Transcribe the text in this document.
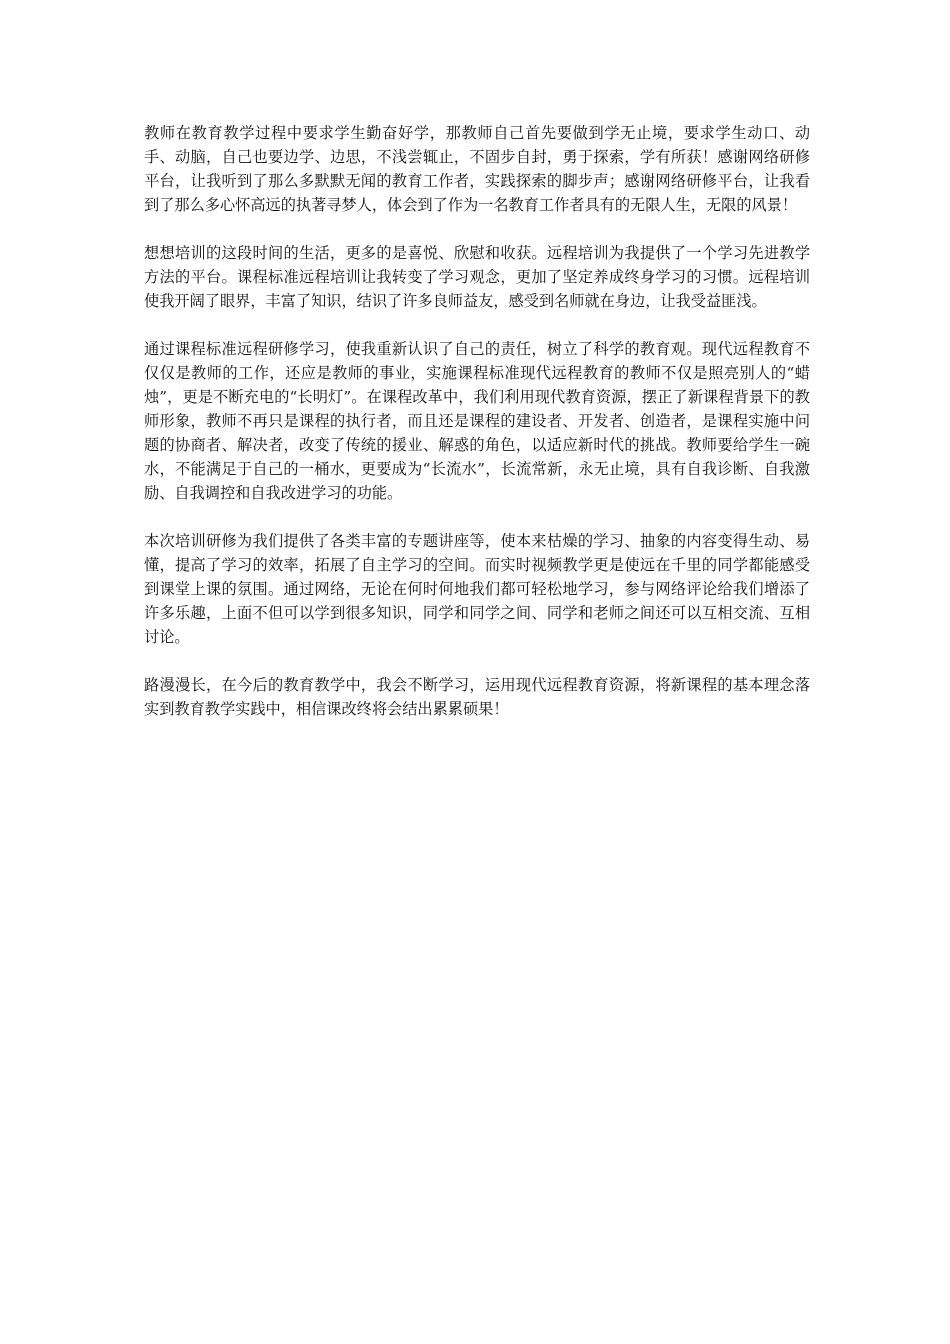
教师在教育教学过程中要求学生勤奋好学，那教师自己首先要做到学无止境，要求学生动口、动手、动脑，自己也要边学、边思，不浅尝辄止，不固步自封，勇于探索，学有所获！感谢网络研修平台，让我听到了那么多默默无闻的教育工作者，实践探索的脚步声；感谢网络研修平台，让我看到了那么多心怀高远的执著寻梦人，体会到了作为一名教育工作者具有的无限人生，无限的风景！

想想培训的这段时间的生活，更多的是喜悦、欣慰和收获。远程培训为我提供了一个学习先进教学方法的平台。课程标准远程培训让我转变了学习观念，更加了坚定养成终身学习的习惯。远程培训使我开阔了眼界，丰富了知识，结识了许多良师益友，感受到名师就在身边，让我受益匪浅。

通过课程标准远程研修学习，使我重新认识了自己的责任，树立了科学的教育观。现代远程教育不仅仅是教师的工作，还应是教师的事业，实施课程标准现代远程教育的教师不仅是照亮别人的“蜡烛”，更是不断充电的“长明灯”。在课程改革中，我们利用现代教育资源，摆正了新课程背景下的教师形象，教师不再只是课程的执行者，而且还是课程的建设者、开发者、创造者，是课程实施中问题的协商者、解决者，改变了传统的援业、解惑的角色，以适应新时代的挑战。教师要给学生一碗水，不能满足于自己的一桶水，更要成为“长流水”，长流常新，永无止境，具有自我诊断、自我激励、自我调控和自我改进学习的功能。

本次培训研修为我们提供了各类丰富的专题讲座等，使本来枯燥的学习、抽象的内容变得生动、易懂，提高了学习的效率，拓展了自主学习的空间。而实时视频教学更是使远在千里的同学都能感受到课堂上课的氛围。通过网络，无论在何时何地我们都可轻松地学习，参与网络评论给我们增添了许多乐趣，上面不但可以学到很多知识，同学和同学之间、同学和老师之间还可以互相交流、互相讨论。

路漫漫长，在今后的教育教学中，我会不断学习，运用现代远程教育资源，将新课程的基本理念落实到教育教学实践中，相信课改终将会结出累累硕果！
